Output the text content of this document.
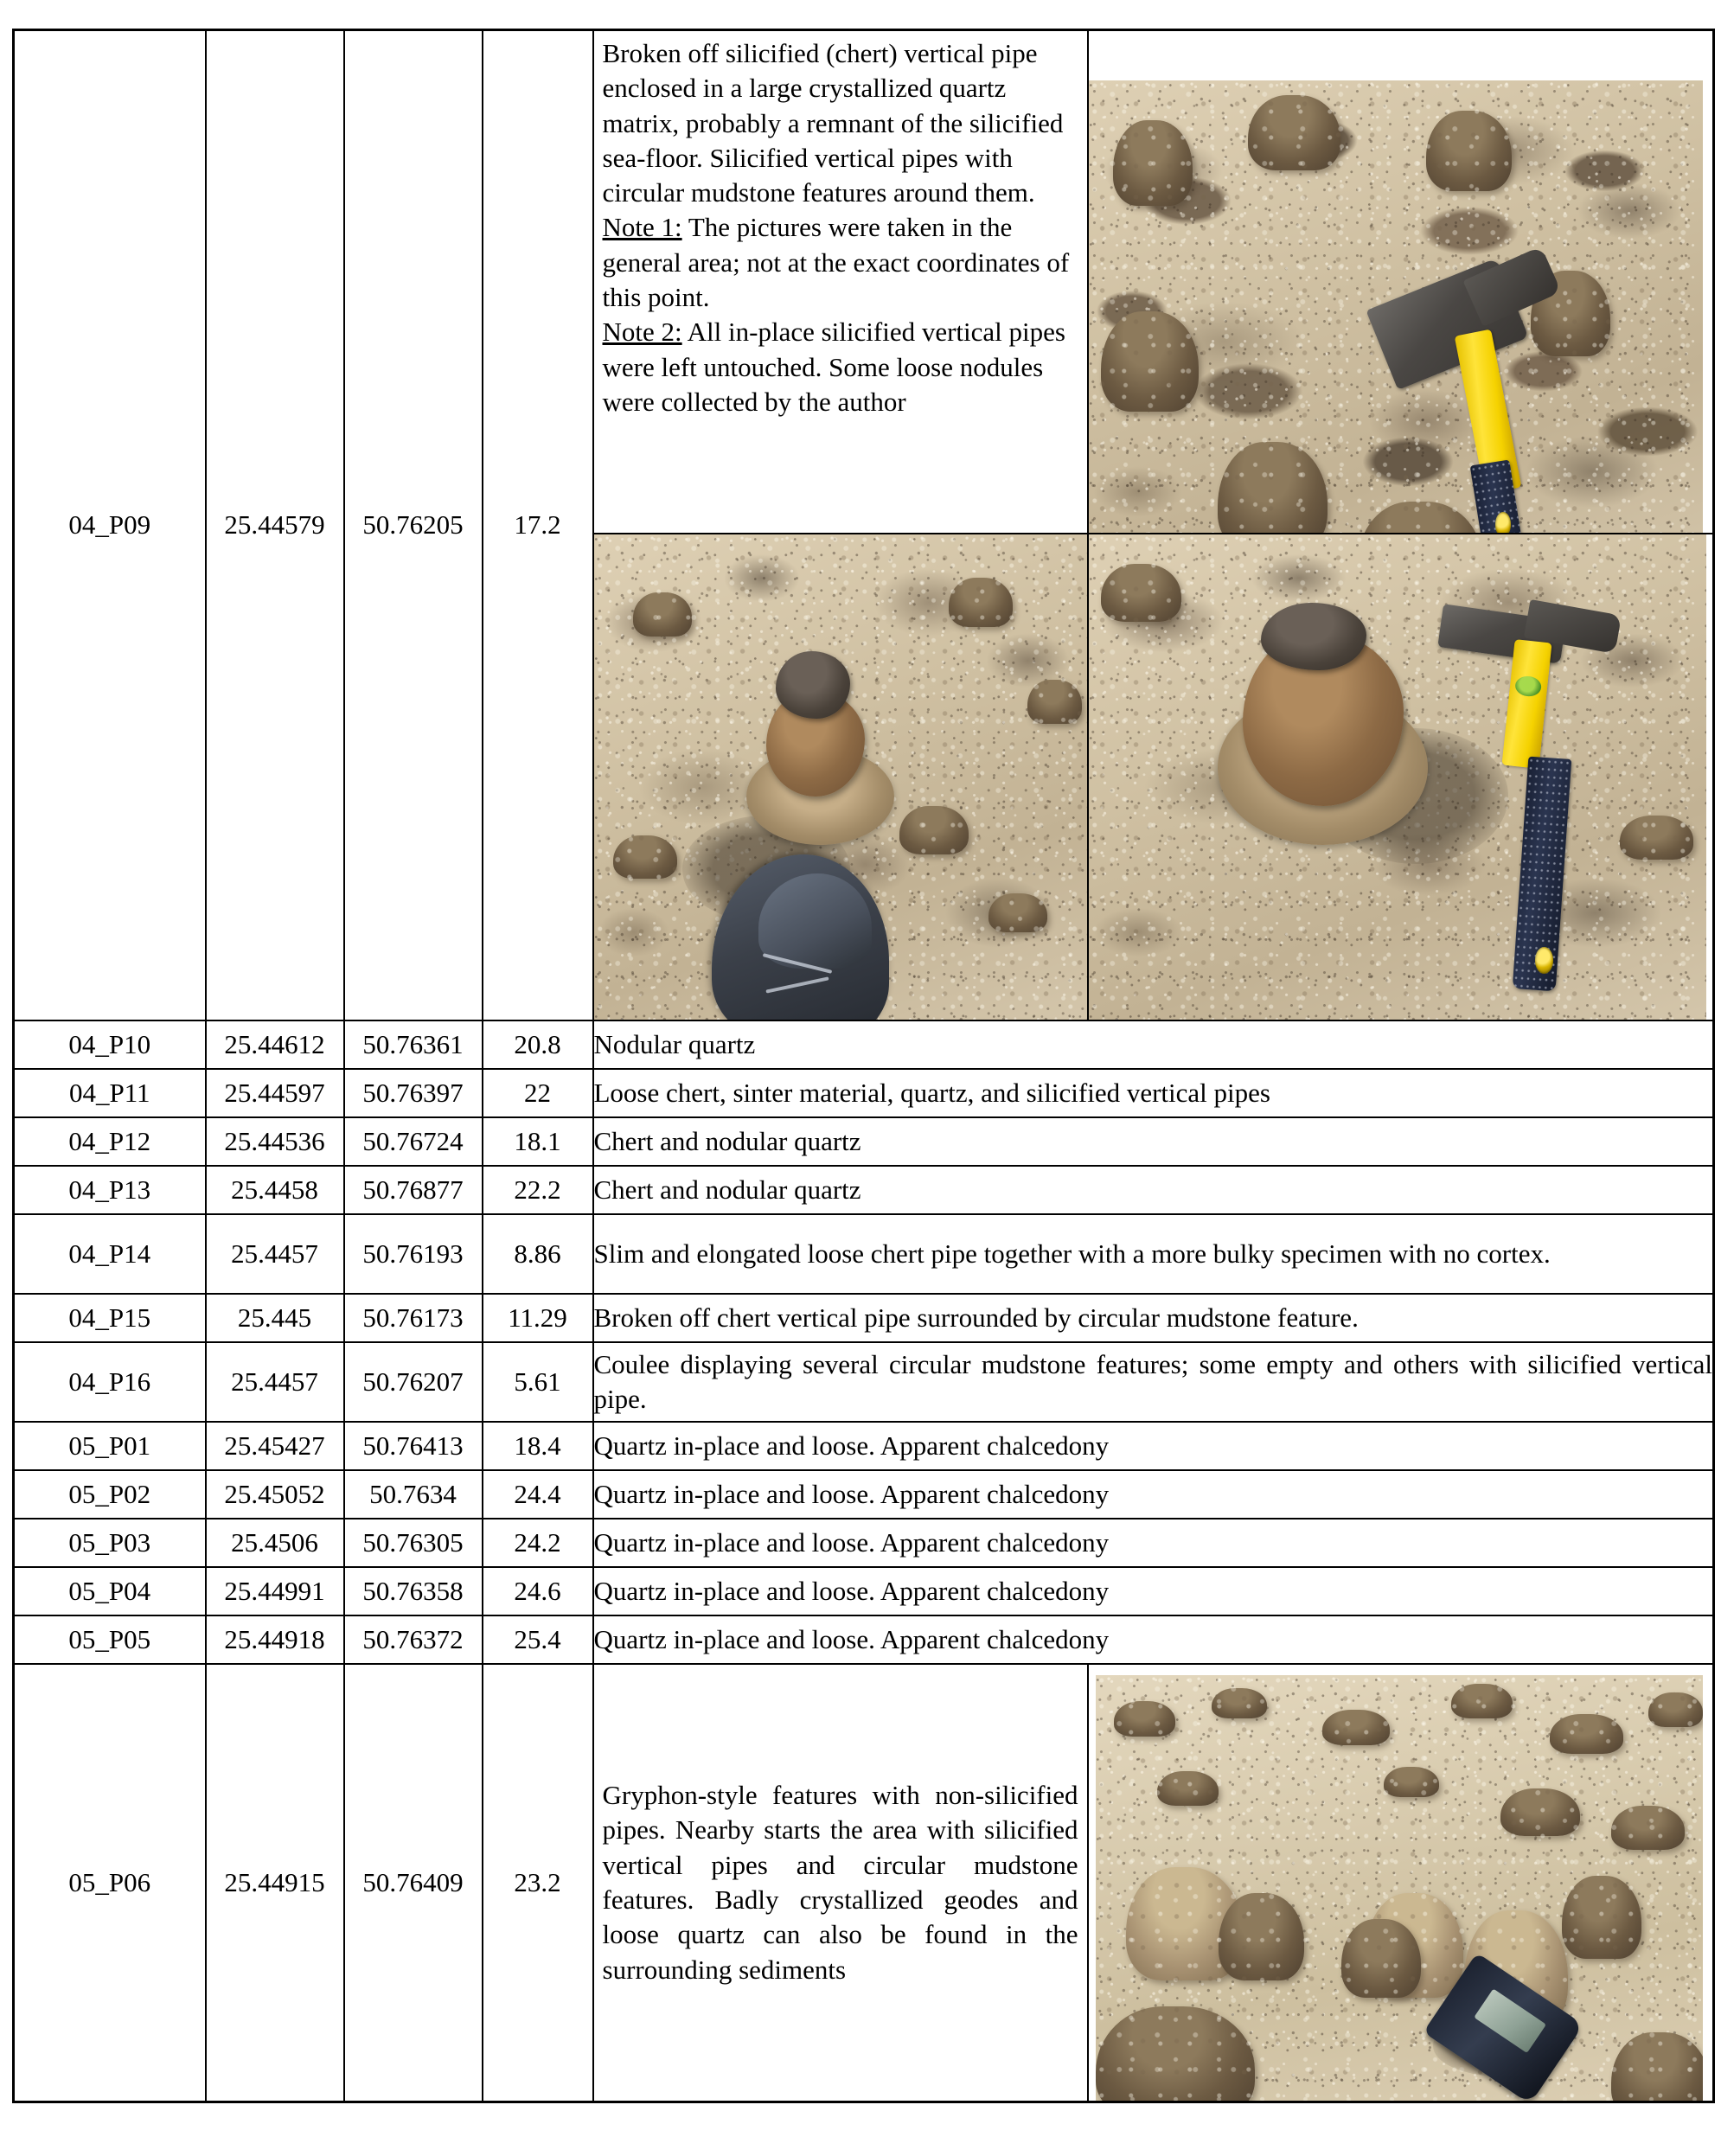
04_P09	25.44579	50.76205	17.2	Broken off silicified (chert) vertical pipe enclosed in a large crystallized quartz matrix, probably a remnant of the silicified sea-floor. Silicified vertical pipes with circular mudstone features around them.
Note 1: The pictures were taken in the general area; not at the exact coordinates of this point.
Note 2: All in-place silicified vertical pipes were left untouched. Some loose nodules were collected by the author

04_P10	25.44612	50.76361	20.8	Nodular quartz
04_P11	25.44597	50.76397	22	Loose chert, sinter material, quartz, and silicified vertical pipes
04_P12	25.44536	50.76724	18.1	Chert and nodular quartz
04_P13	25.4458	50.76877	22.2	Chert and nodular quartz
04_P14	25.4457	50.76193	8.86	Slim and elongated loose chert pipe together with a more bulky specimen with no cortex.
04_P15	25.445	50.76173	11.29	Broken off chert vertical pipe surrounded by circular mudstone feature.
04_P16	25.4457	50.76207	5.61	Coulee displaying several circular mudstone features; some empty and others with silicified vertical pipe.
05_P01	25.45427	50.76413	18.4	Quartz in-place and loose. Apparent chalcedony
05_P02	25.45052	50.7634	24.4	Quartz in-place and loose. Apparent chalcedony
05_P03	25.4506	50.76305	24.2	Quartz in-place and loose. Apparent chalcedony
05_P04	25.44991	50.76358	24.6	Quartz in-place and loose. Apparent chalcedony
05_P05	25.44918	50.76372	25.4	Quartz in-place and loose. Apparent chalcedony
05_P06	25.44915	50.76409	23.2	Gryphon-style features with non-silicified pipes. Nearby starts the area with silicified vertical pipes and circular mudstone features. Badly crystallized geodes and loose quartz can also be found in the surrounding sediments
